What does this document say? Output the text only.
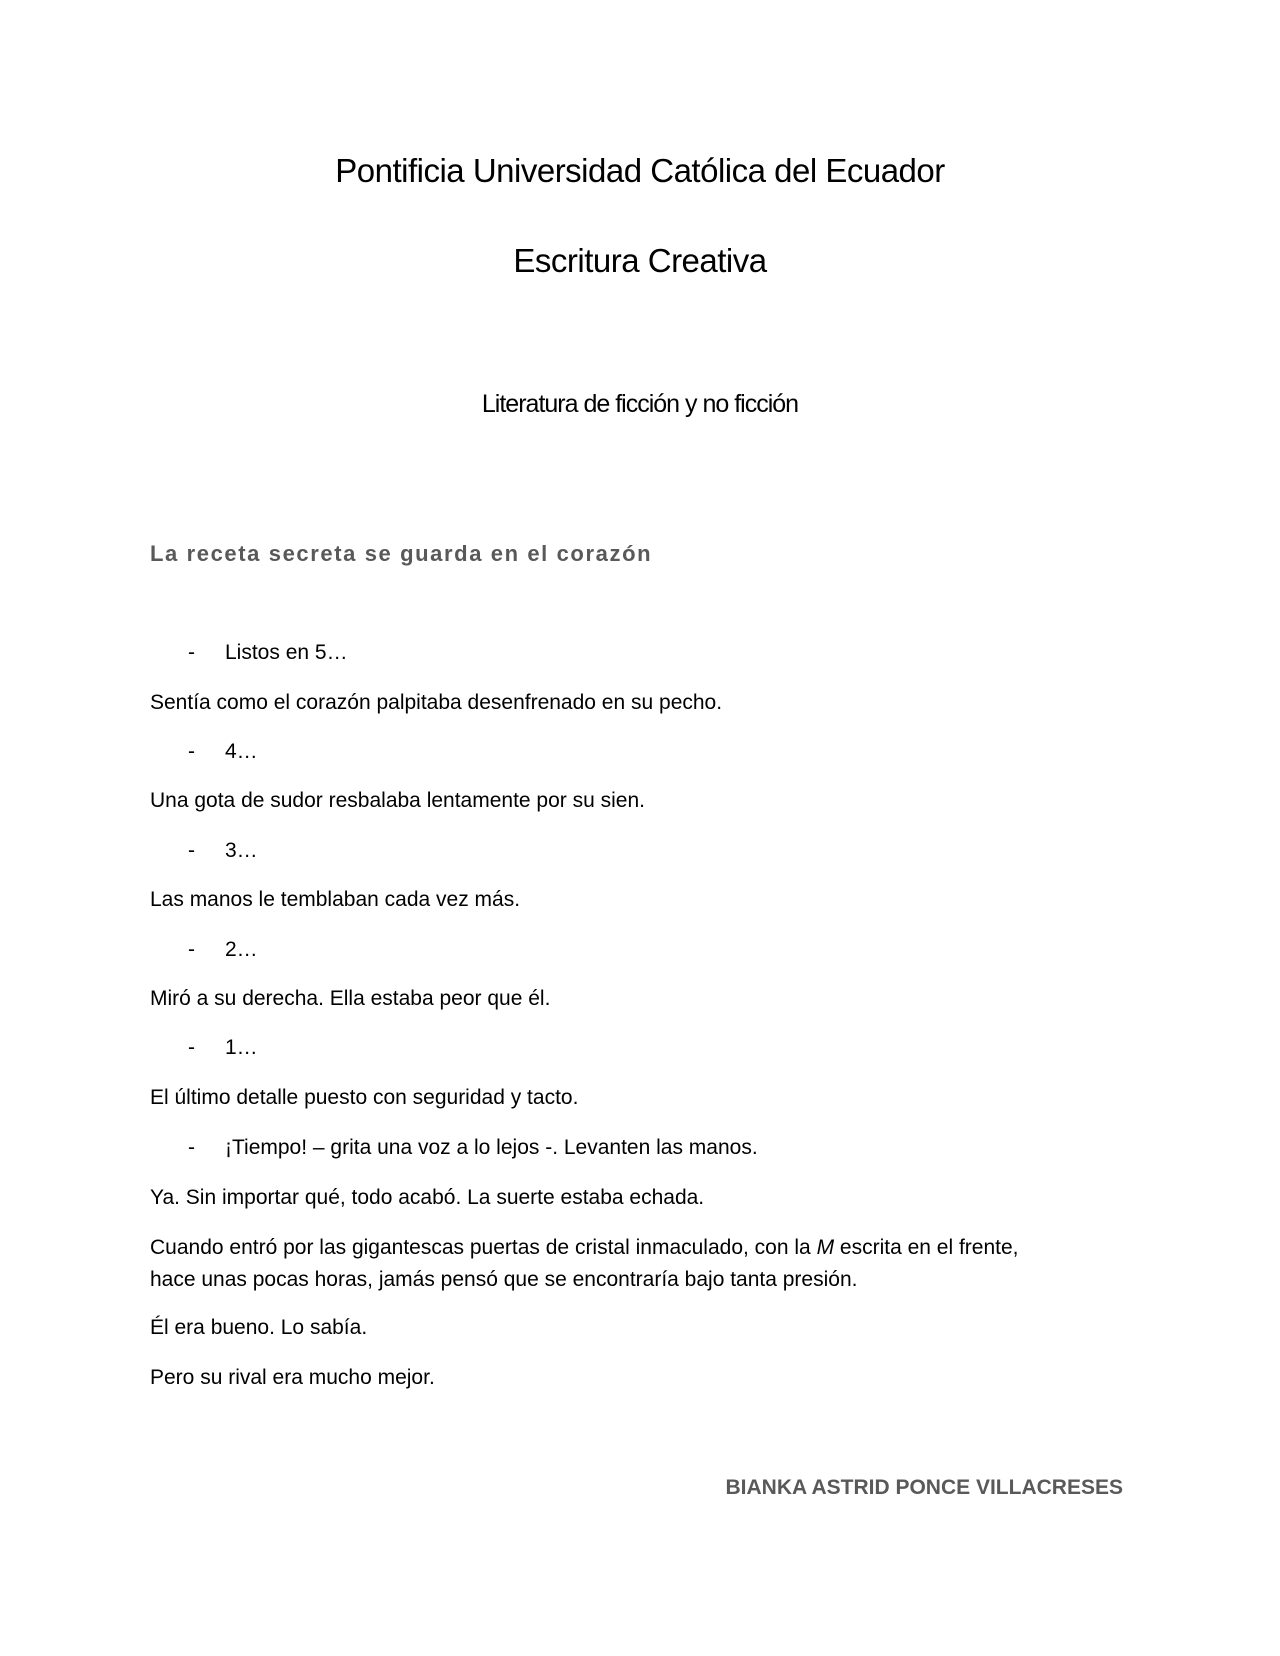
Pontificia Universidad Católica del Ecuador
Escritura Creativa
Literatura de ficción y no ficción
La receta secreta se guarda en el corazón
- Listos en 5…
Sentía como el corazón palpitaba desenfrenado en su pecho.
- 4…
Una gota de sudor resbalaba lentamente por su sien.
- 3…
Las manos le temblaban cada vez más.
- 2…
Miró a su derecha. Ella estaba peor que él.
- 1…
El último detalle puesto con seguridad y tacto.
- ¡Tiempo! – grita una voz a lo lejos -. Levanten las manos.
Ya. Sin importar qué, todo acabó. La suerte estaba echada.
Cuando entró por las gigantescas puertas de cristal inmaculado, con la M escrita en el frente,
hace unas pocas horas, jamás pensó que se encontraría bajo tanta presión.
Él era bueno. Lo sabía.
Pero su rival era mucho mejor.
BIANKA ASTRID PONCE VILLACRESES
